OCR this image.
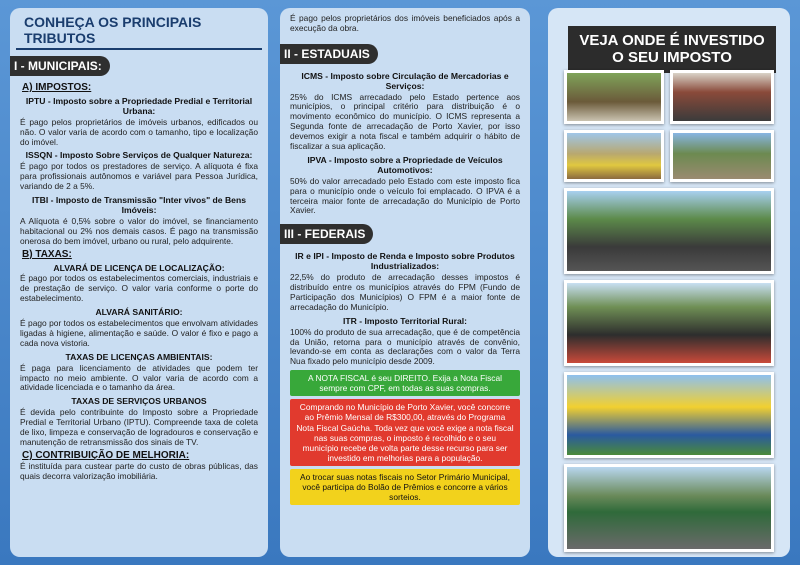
CONHEÇA OS PRINCIPAIS TRIBUTOS
I - MUNICIPAIS:
A) IMPOSTOS:
IPTU - Imposto sobre a Propriedade Predial e Territorial Urbana:
É pago pelos proprietários de imóveis urbanos, edificados ou não. O valor varia de acordo com o tamanho, tipo e localização do imóvel.
ISSQN - Imposto Sobre Serviços de Qualquer Natureza:
É pago por todos os prestadores de serviço. A alíquota é fixa para profissionais autônomos e variável para Pessoa Jurídica, variando de 2 a 5%.
ITBI - Imposto de Transmissão "Inter vivos" de Bens Imóveis:
A Alíquota é 0,5% sobre o valor do imóvel, se financiamento habitacional ou 2% nos demais casos. É pago na transmissão onerosa do bem imóvel, urbano ou rural, pelo adquirente.
B) TAXAS:
ALVARÁ DE LICENÇA DE LOCALIZAÇÃO:
É pago por todos os estabelecimentos comerciais, industriais e de prestação de serviço. O valor varia conforme o porte do estabelecimento.
ALVARÁ SANITÁRIO:
É pago por todos os estabelecimentos que envolvam atividades ligadas à higiene, alimentação e saúde. O valor é fixo e pago a cada nova vistoria.
TAXAS DE LICENÇAS AMBIENTAIS:
É paga para licenciamento de atividades que podem ter impacto no meio ambiente. O valor varia de acordo com a atividade licenciada e o tamanho da área.
TAXAS DE SERVIÇOS URBANOS
É devida pelo contribuinte do Imposto sobre a Propriedade Predial e Territorial Urbano (IPTU). Compreende taxa de coleta de lixo, limpeza e conservação de logradouros e conservação e manutenção de retransmissão dos sinais de TV.
C) CONTRIBUIÇÃO DE MELHORIA:
É instituída para custear parte do custo de obras públicas, das quais decorra valorização imobiliária.
É pago pelos proprietários dos imóveis beneficiados após a execução da obra.
II - ESTADUAIS
ICMS - Imposto sobre Circulação de Mercadorias e Serviços:
25% do ICMS arrecadado pelo Estado pertence aos municípios, o principal critério para distribuição é o movimento econômico do município. O ICMS representa a Segunda fonte de arrecadação de Porto Xavier, por isso devemos exigir a nota fiscal e também adquirir o hábito de fiscalizar a sua aplicação.
IPVA - Imposto sobre a Propriedade de Veículos Automotivos:
50% do valor arrecadado pelo Estado com este imposto fica para o município onde o veículo foi emplacado. O IPVA é a terceira maior fonte de arrecadação do Município de Porto Xavier.
III - FEDERAIS
IR e IPI - Imposto de Renda e Imposto sobre Produtos Industrializados:
22,5% do produto de arrecadação desses impostos é distribuído entre os municípios através do FPM (Fundo de Participação dos Municípios) O FPM é a maior fonte de arrecadação do Município.
ITR - Imposto Territorial Rural:
100% do produto de sua arrecadação, que é de competência da União, retorna para o município através de convênio, levando-se em conta as declarações com o valor da Terra Nua fixado pelo município desde 2009.
A NOTA FISCAL é seu DIREITO. Exija a Nota Fiscal sempre com CPF, em todas as suas compras.
Comprando no Município de Porto Xavier, você concorre ao Prêmio Mensal de R$300,00, através do Programa Nota Fiscal Gaúcha. Toda vez que você exige a nota fiscal nas suas compras, o imposto é recolhido e o seu município recebe de volta parte desse recurso para ser investido em melhorias para a população.
Ao trocar suas notas fiscais no Setor Primário Municipal, você participa do Bolão de Prêmios e concorre a vários sorteios.
VEJA ONDE É INVESTIDO O SEU IMPOSTO
